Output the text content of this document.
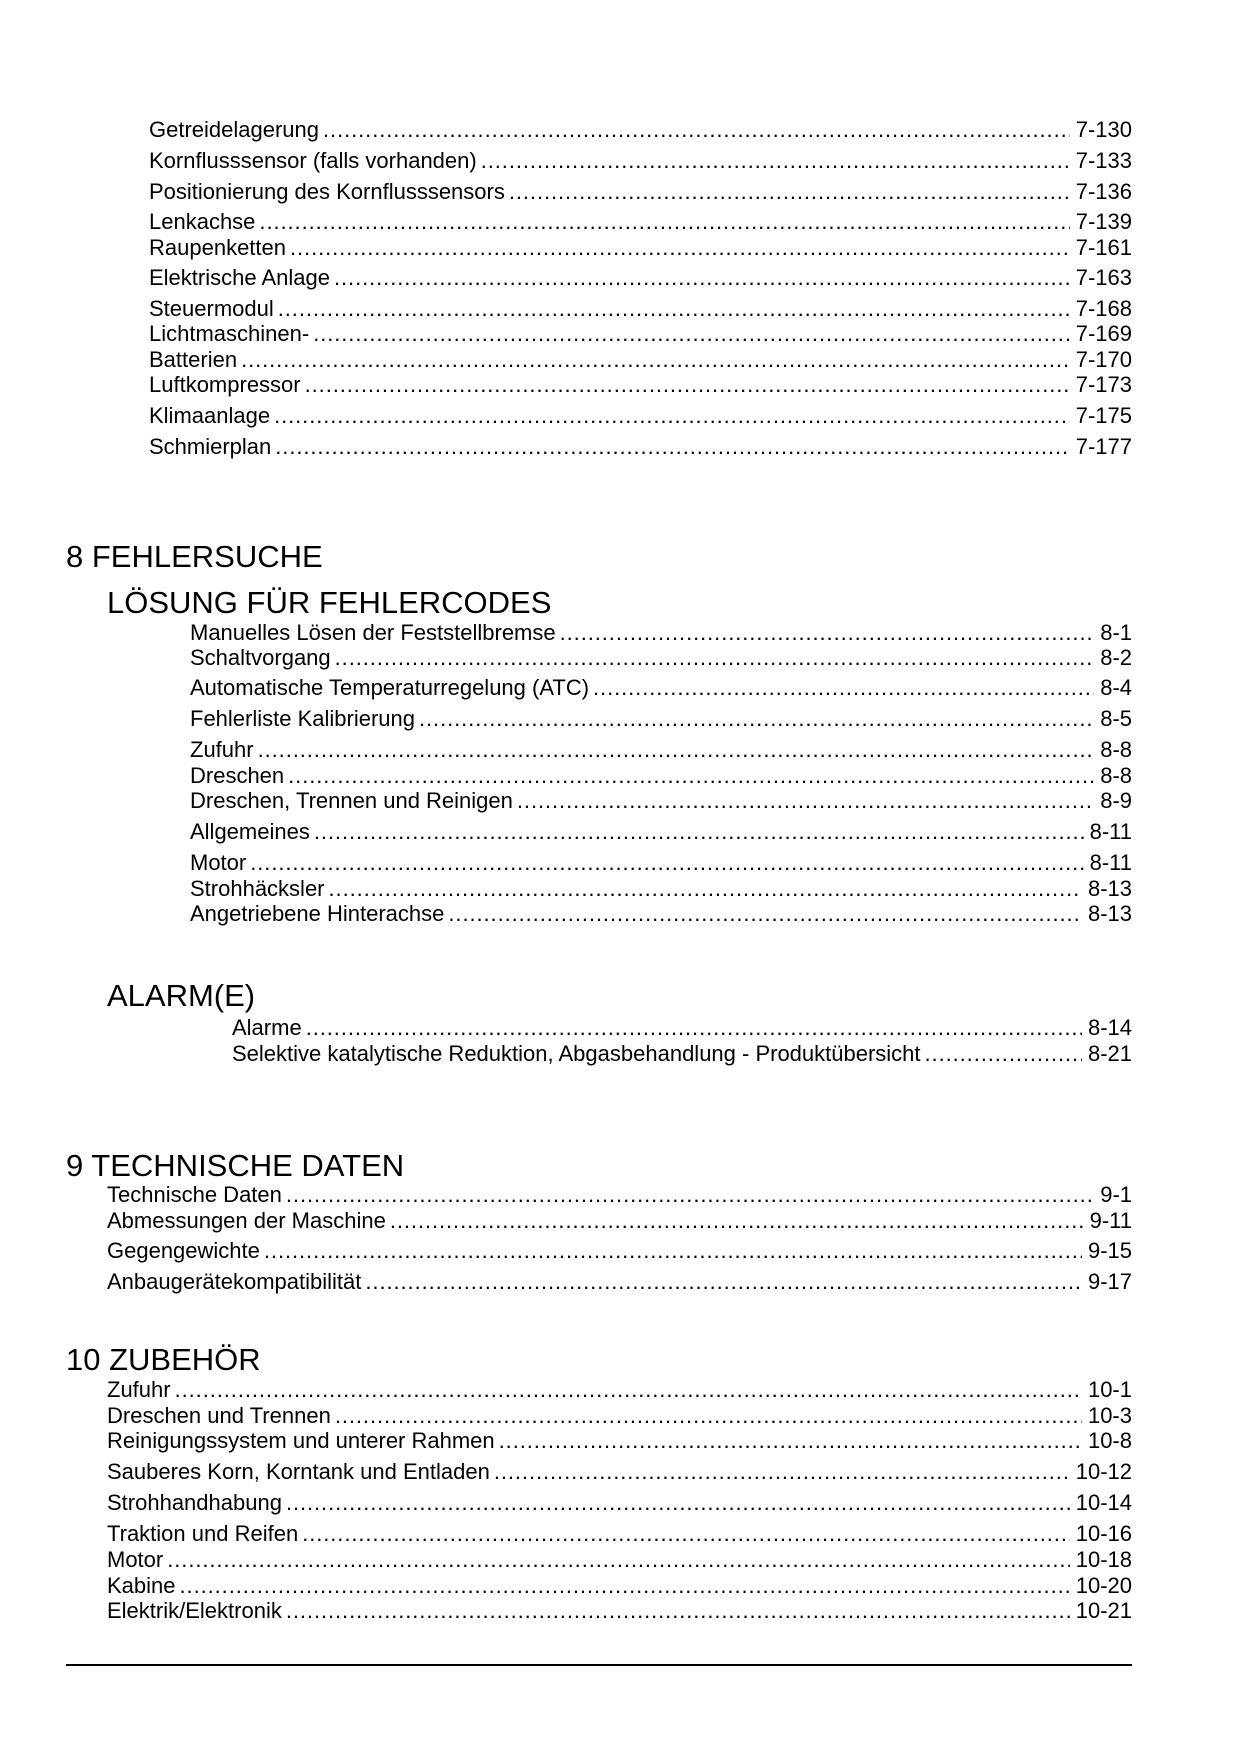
Getreidelagerung . . .	7-130
Kornflusssensor (falls vorhanden) . . .	7-133
Positionierung des Kornflusssensors . . .	7-136
Lenkachse . . .	7-139
Raupenketten . . .	7-161
Elektrische Anlage . . .	7-163
Steuermodul . . .	7-168
Lichtmaschinen- . . .	7-169
Batterien . . .	7-170
Luftkompressor . . .	7-173
Klimaanlage . . .	7-175
Schmierplan . . .	7-177
8 FEHLERSUCHE
LÖSUNG FÜR FEHLERCODES
Manuelles Lösen der Feststellbremse . . .	8-1
Schaltvorgang . . .	8-2
Automatische Temperaturregelung (ATC) . . .	8-4
Fehlerliste Kalibrierung . . .	8-5
Zufuhr . . .	8-8
Dreschen . . .	8-8
Dreschen, Trennen und Reinigen . . .	8-9
Allgemeines . . .	8-11
Motor . . .	8-11
Strohhäcksler . . .	8-13
Angetriebene Hinterachse . . .	8-13
ALARM(E)
Alarme . . .	8-14
Selektive katalytische Reduktion, Abgasbehandlung - Produktübersicht . . .	8-21
9 TECHNISCHE DATEN
Technische Daten . . .	9-1
Abmessungen der Maschine . . .	9-11
Gegengewichte . . .	9-15
Anbaugerätekompatibilität . . .	9-17
10 ZUBEHÖR
Zufuhr . . .	10-1
Dreschen und Trennen . . .	10-3
Reinigungssystem und unterer Rahmen . . .	10-8
Sauberes Korn, Korntank und Entladen . . .	10-12
Strohhandhabung . . .	10-14
Traktion und Reifen . . .	10-16
Motor . . .	10-18
Kabine . . .	10-20
Elektrik/Elektronik . . .	10-21
